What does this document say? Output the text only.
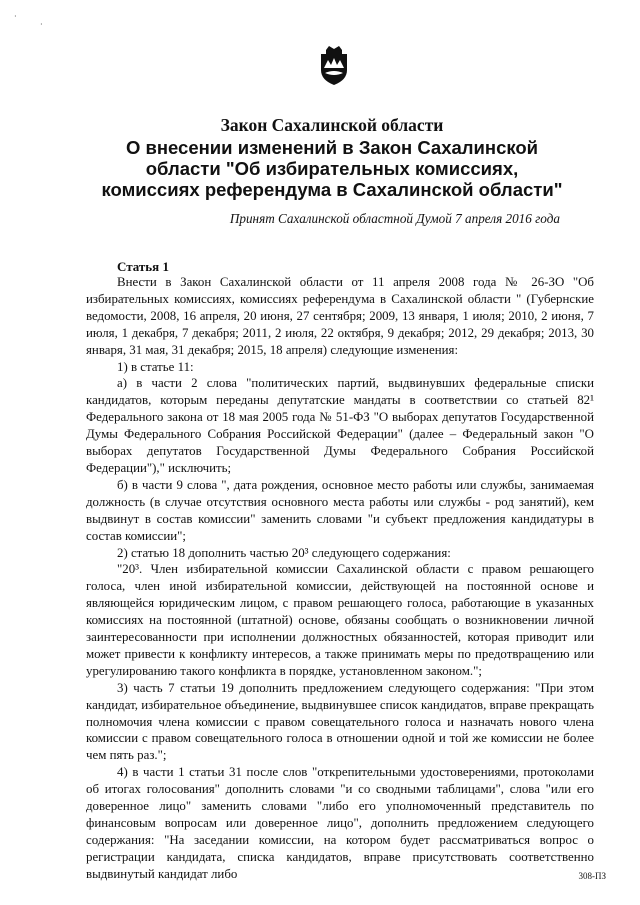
·
·
Закон Сахалинской области
О внесении изменений в Закон Сахалинской
области "Об избирательных комиссиях,
комиссиях референдума в Сахалинской области"
Принят Сахалинской областной Думой 7 апреля 2016 года
Статья 1

Внести в Закон Сахалинской области от 11 апреля 2008 года № 26-ЗО "Об избирательных комиссиях, комиссиях референдума в Сахалинской области " (Губернские ведомости, 2008, 16 апреля, 20 июня, 27 сентября; 2009, 13 января, 1 июля; 2010, 2 июня, 7 июля, 1 декабря, 7 декабря; 2011, 2 июля, 22 октября, 9 декабря; 2012, 29 декабря; 2013, 30 января, 31 мая, 31 декабря; 2015, 18 апреля) следующие изменения:

1) в статье 11:

а) в части 2 слова "политических партий, выдвинувших федеральные списки кандидатов, которым переданы депутатские мандаты в соответствии со статьей 82¹ Федерального закона от 18 мая 2005 года № 51-ФЗ "О выборах депутатов Государственной Думы Федерального Собрания Российской Федерации" (далее – Федеральный закон "О выборах депутатов Государственной Думы Федерального Собрания Российской Федерации")," исключить;

б) в части 9 слова ", дата рождения, основное место работы или службы, занимаемая должность (в случае отсутствия основного места работы или службы - род занятий), кем выдвинут в состав комиссии" заменить словами "и субъект предложения кандидатуры в состав комиссии";

2) статью 18 дополнить частью 20³ следующего содержания:

"20³. Член избирательной комиссии Сахалинской области с правом решающего голоса, член иной избирательной комиссии, действующей на постоянной основе и являющейся юридическим лицом, с правом решающего голоса, работающие в указанных комиссиях на постоянной (штатной) основе, обязаны сообщать о возникновении личной заинтересованности при исполнении должностных обязанностей, которая приводит или может привести к конфликту интересов, а также принимать меры по предотвращению или урегулированию такого конфликта в порядке, установленном законом.";

3) часть 7 статьи 19 дополнить предложением следующего содержания: "При этом кандидат, избирательное объединение, выдвинувшее список кандидатов, вправе прекращать полномочия члена комиссии с правом совещательного голоса и назначать нового члена комиссии с правом совещательного голоса в отношении одной и той же комиссии не более чем пять раз.";

4) в части 1 статьи 31 после слов "открепительными удостоверениями, протоколами об итогах голосования" дополнить словами "и со сводными таблицами", слова "или его доверенное лицо" заменить словами "либо его уполномоченный представитель по финансовым вопросам или доверенное лицо", дополнить предложением следующего содержания: "На заседании комиссии, на котором будет рассматриваться вопрос о регистрации кандидата, списка кандидатов, вправе присутствовать соответственно выдвинутый кандидат либо	308-ПЗ
